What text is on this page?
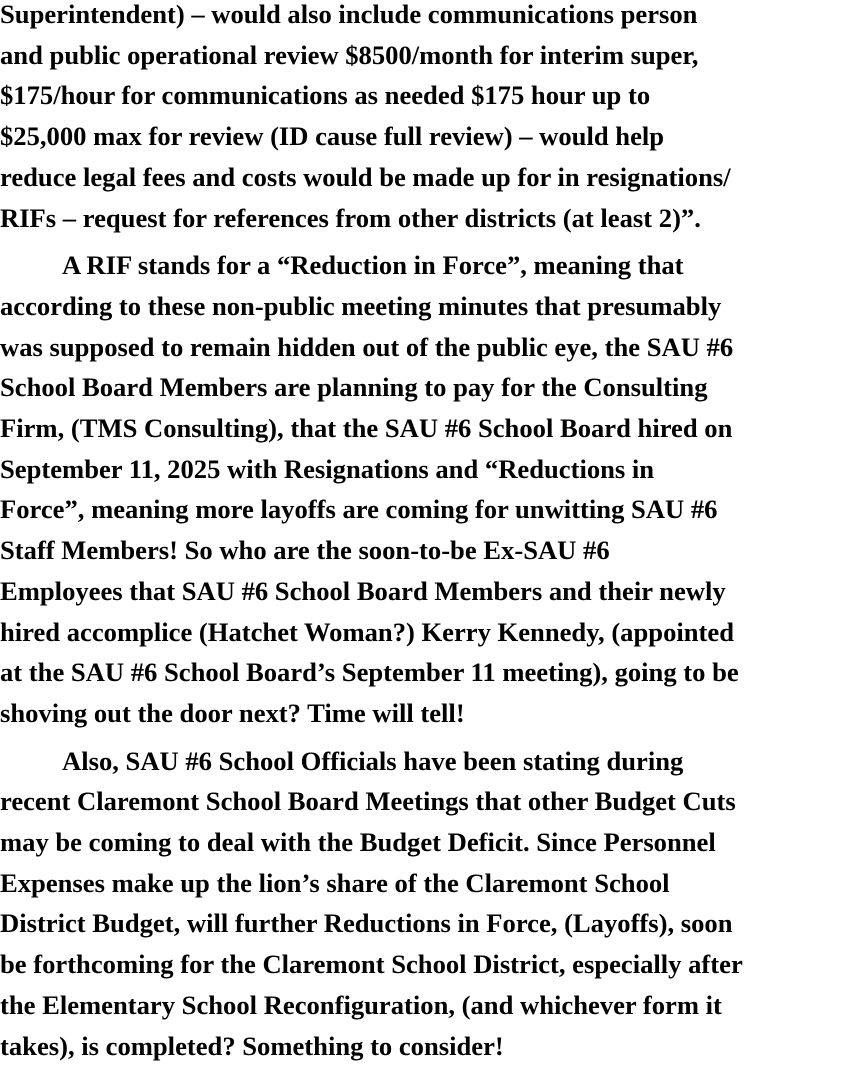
Superintendent) – would also include communications person
and public operational review $8500/month for interim super,
$175/hour for communications as needed $175 hour up to
$25,000 max for review (ID cause full review) – would help
reduce legal fees and costs would be made up for in resignations/
RIFs – request for references from other districts (at least 2)”.
A RIF stands for a “Reduction in Force”, meaning that
according to these non-public meeting minutes that presumably
was supposed to remain hidden out of the public eye, the SAU #6
School Board Members are planning to pay for the Consulting
Firm, (TMS Consulting), that the SAU #6 School Board hired on
September 11, 2025 with Resignations and “Reductions in
Force”, meaning more layoffs are coming for unwitting SAU #6
Staff Members! So who are the soon-to-be Ex-SAU #6
Employees that SAU #6 School Board Members and their newly
hired accomplice (Hatchet Woman?) Kerry Kennedy, (appointed
at the SAU #6 School Board’s September 11 meeting), going to be
shoving out the door next? Time will tell!
Also, SAU #6 School Officials have been stating during
recent Claremont School Board Meetings that other Budget Cuts
may be coming to deal with the Budget Deficit. Since Personnel
Expenses make up the lion’s share of the Claremont School
District Budget, will further Reductions in Force, (Layoffs), soon
be forthcoming for the Claremont School District, especially after
the Elementary School Reconfiguration, (and whichever form it
takes), is completed? Something to consider!
